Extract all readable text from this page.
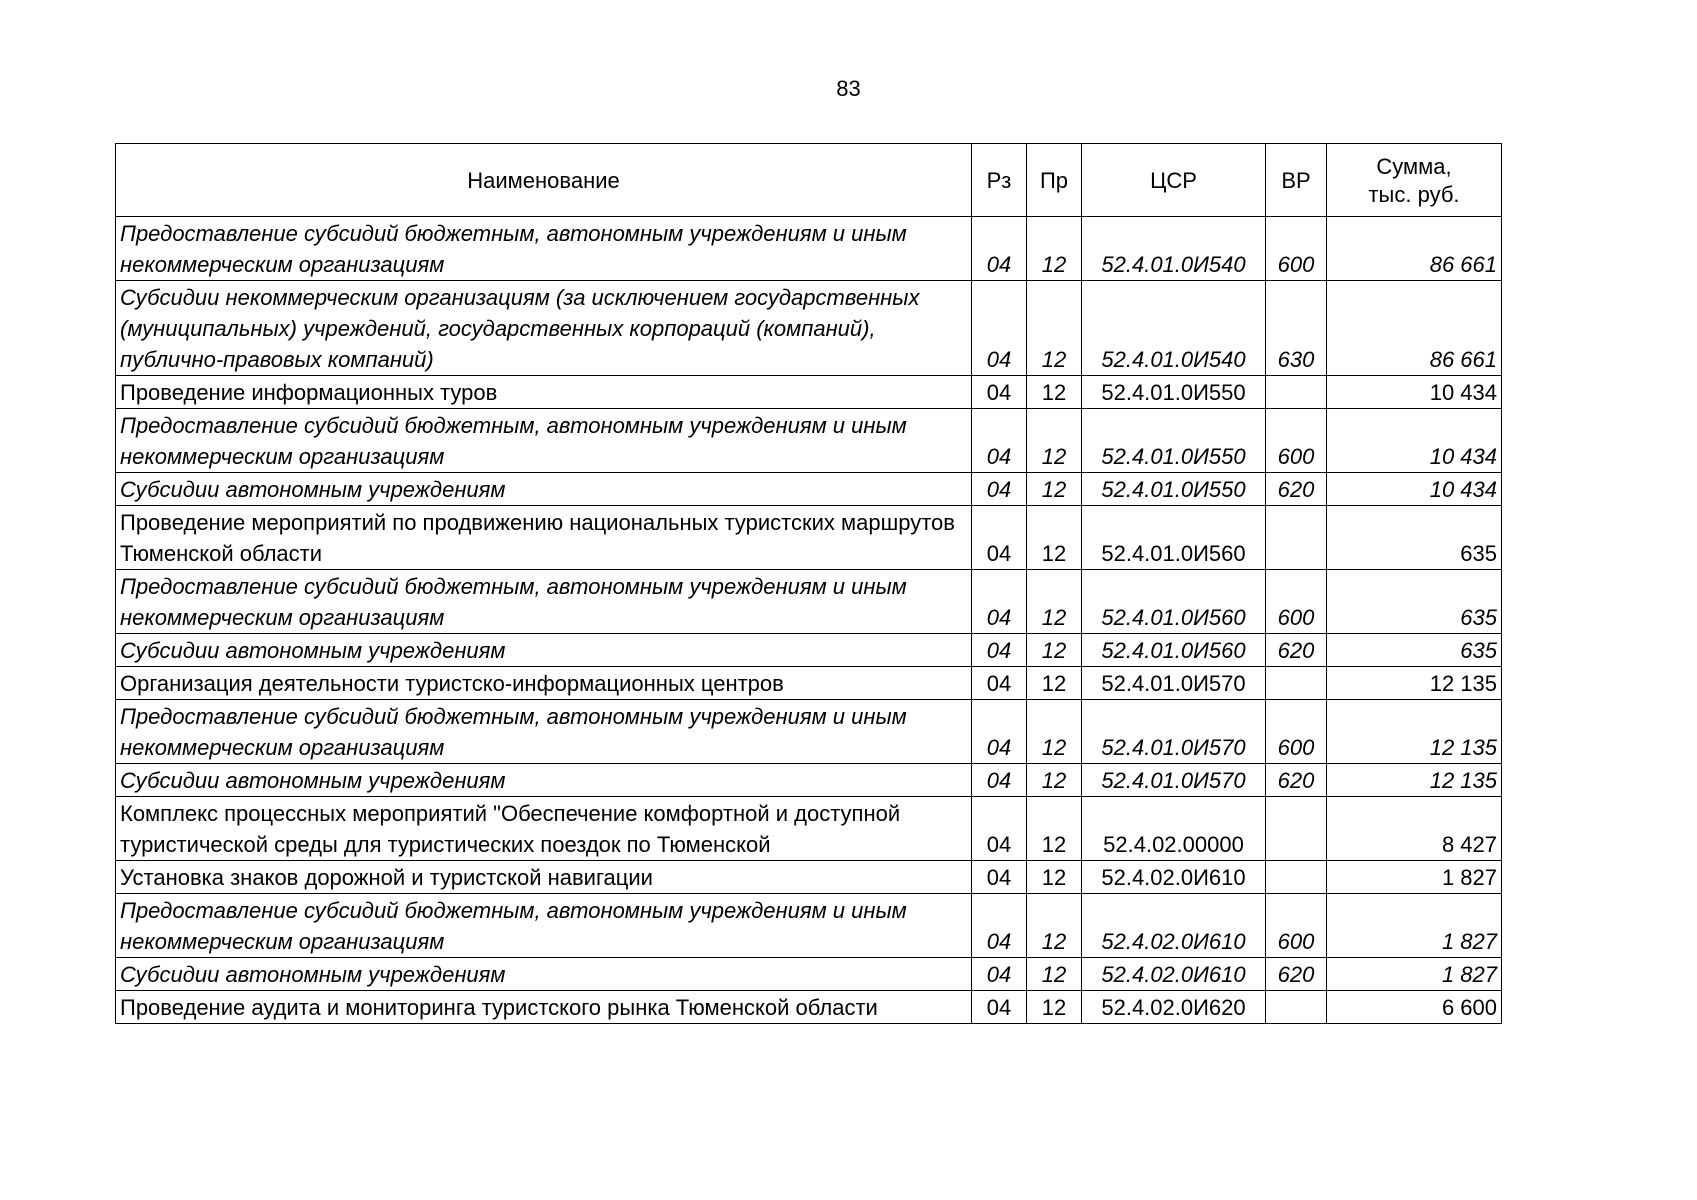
83
Наименование	Рз	Пр	ЦСР	ВР	Сумма,
тыс. руб.
Предоставление субсидий бюджетным, автономным учреждениям и иным некоммерческим организациям	04	12	52.4.01.0И540	600	86 661
Субсидии некоммерческим организациям (за исключением государственных (муниципальных) учреждений, государственных корпораций (компаний), публично-правовых компаний)	04	12	52.4.01.0И540	630	86 661
Проведение информационных туров	04	12	52.4.01.0И550		10 434
Предоставление субсидий бюджетным, автономным учреждениям и иным некоммерческим организациям	04	12	52.4.01.0И550	600	10 434
Субсидии автономным учреждениям	04	12	52.4.01.0И550	620	10 434
Проведение мероприятий по продвижению национальных туристских маршрутов Тюменской области	04	12	52.4.01.0И560		635
Предоставление субсидий бюджетным, автономным учреждениям и иным некоммерческим организациям	04	12	52.4.01.0И560	600	635
Субсидии автономным учреждениям	04	12	52.4.01.0И560	620	635
Организация деятельности туристско-информационных центров	04	12	52.4.01.0И570		12 135
Предоставление субсидий бюджетным, автономным учреждениям и иным некоммерческим организациям	04	12	52.4.01.0И570	600	12 135
Субсидии автономным учреждениям	04	12	52.4.01.0И570	620	12 135
Комплекс процессных мероприятий "Обеспечение комфортной и доступной туристической среды для туристических поездок по Тюменской	04	12	52.4.02.00000		8 427
Установка знаков дорожной и туристской навигации	04	12	52.4.02.0И610		1 827
Предоставление субсидий бюджетным, автономным учреждениям и иным некоммерческим организациям	04	12	52.4.02.0И610	600	1 827
Субсидии автономным учреждениям	04	12	52.4.02.0И610	620	1 827
Проведение аудита и мониторинга туристского рынка Тюменской области	04	12	52.4.02.0И620		6 600
